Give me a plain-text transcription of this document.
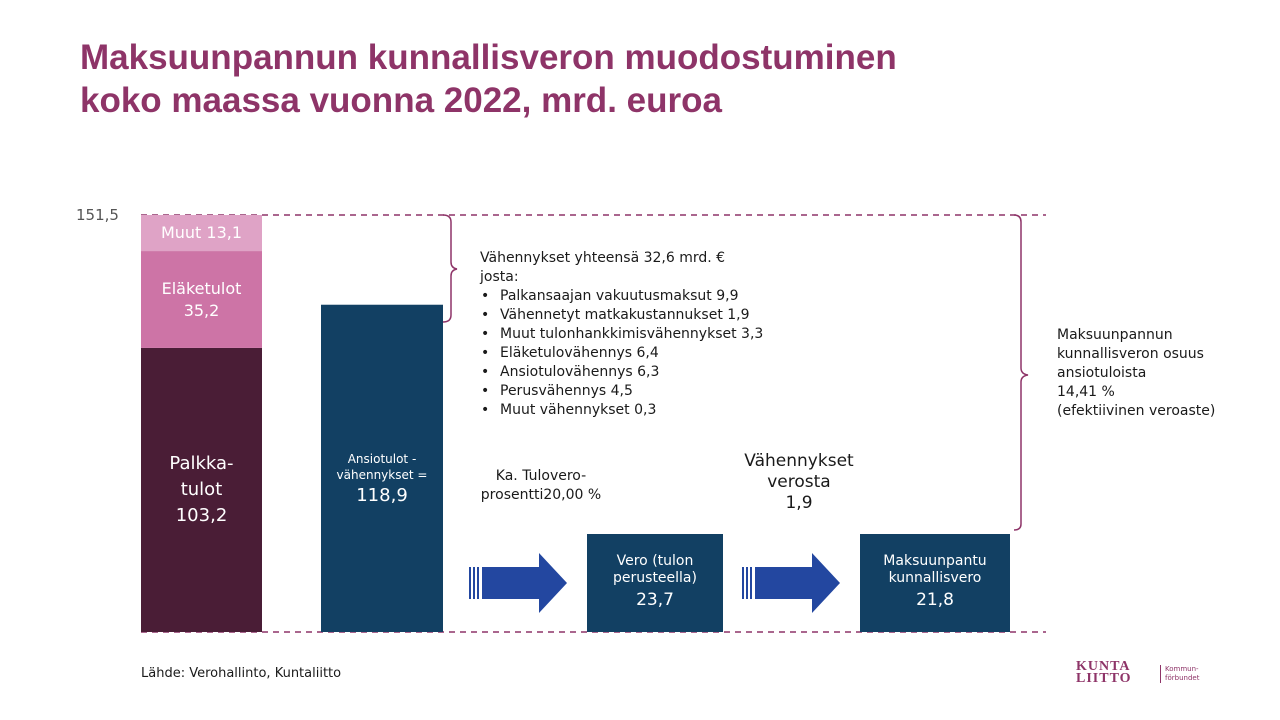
Maksuunpannun kunnallisveron muodostuminen
koko maassa vuonna 2022, mrd. euroa
151,5
Muut 13,1
Eläketulot
35,2
Palkka-
tulot
103,2
Ansiotulot -
vähennykset =
118,9
Vero (tulon
perusteella)
23,7
Maksuunpantu
kunnallisvero
21,8
Ka. Tulovero-
prosentti20,00 %
Vähennykset
verosta
1,9
Vähennykset yhteensä 32,6 mrd. €
josta:
• Palkansaajan vakuutusmaksut 9,9
• Vähennetyt matkakustannukset 1,9
• Muut tulonhankkimisvähennykset 3,3
• Eläketulovähennys 6,4
• Ansiotulovähennys 6,3
• Perusvähennys 4,5
• Muut vähennykset 0,3
Maksuunpannun
kunnallisveron osuus
ansiotuloista
14,41 %
(efektiivinen veroaste)
Lähde: Verohallinto, Kuntaliitto	KUNTA
LIITTO
Kommun-
förbundet
